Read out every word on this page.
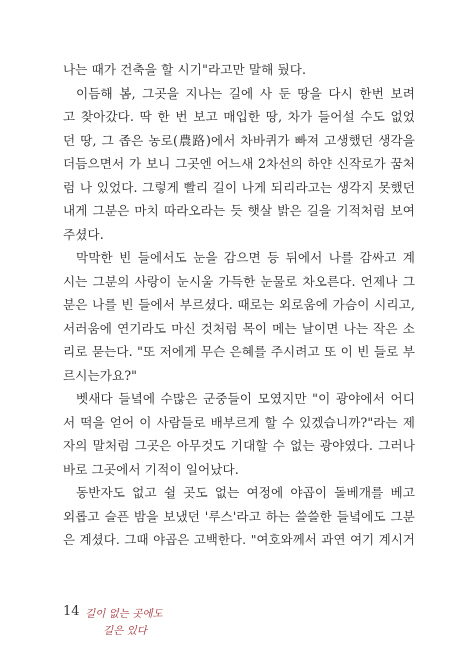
나는 때가 건축을 할 시기"라고만 말해 뒀다.
이듬해 봄, 그곳을 지나는 길에 사 둔 땅을 다시 한번 보려
고 찾아갔다. 딱 한 번 보고 매입한 땅, 차가 들어설 수도 없었
던 땅, 그 좁은 농로(農路)에서 차바퀴가 빠져 고생했던 생각을
더듬으면서 가 보니 그곳엔 어느새 2차선의 하얀 신작로가 꿈처
럼 나 있었다. 그렇게 빨리 길이 나게 되리라고는 생각지 못했던
내게 그분은 마치 따라오라는 듯 햇살 밝은 길을 기적처럼 보여
주셨다.
막막한 빈 들에서도 눈을 감으면 등 뒤에서 나를 감싸고 계
시는 그분의 사랑이 눈시울 가득한 눈물로 차오른다. 언제나 그
분은 나를 빈 들에서 부르셨다. 때로는 외로움에 가슴이 시리고,
서러움에 연기라도 마신 것처럼 목이 메는 날이면 나는 작은 소
리로 묻는다. "또 저에게 무슨 은혜를 주시려고 또 이 빈 들로 부
르시는가요?"
벳새다 들녘에 수많은 군중들이 모였지만 "이 광야에서 어디
서 떡을 얻어 이 사람들로 배부르게 할 수 있겠습니까?"라는 제
자의 말처럼 그곳은 아무것도 기대할 수 없는 광야였다. 그러나
바로 그곳에서 기적이 일어났다.
동반자도 없고 쉴 곳도 없는 여정에 야곱이 돌베개를 베고
외롭고 슬픈 밤을 보냈던 '루스'라고 하는 쓸쓸한 들녘에도 그분
은 계셨다. 그때 야곱은 고백한다. "여호와께서 과연 여기 계시거
14 길이 없는 곳에도
길은 있다
